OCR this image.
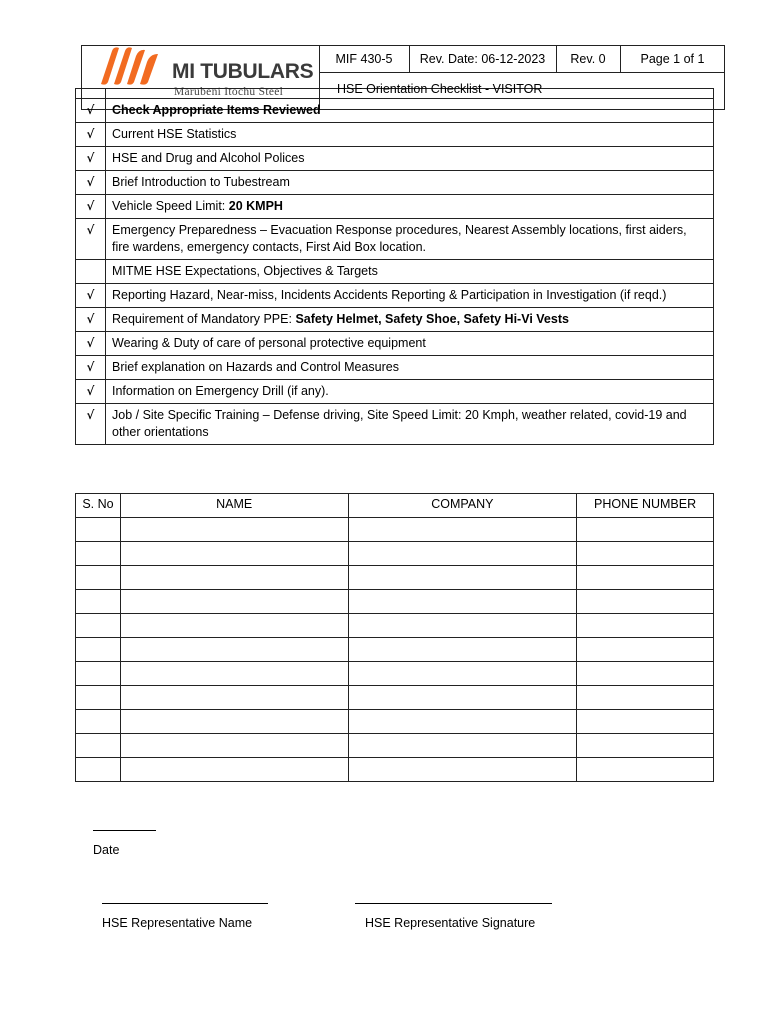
MI TUBULARS
Marubeni Itochu Steel
MIF 430-5	Rev. Date: 06-12-2023	Rev. 0	Page 1 of 1

√	Check Appropriate Items Reviewed
√	Current HSE Statistics
√	HSE and Drug and Alcohol Polices
√	Brief Introduction to Tubestream
√	Vehicle Speed Limit: 20 KMPH
√	Emergency Preparedness – Evacuation Response procedures, Nearest Assembly locations, first aiders, fire wardens, emergency contacts, First Aid Box location.
	MITME HSE Expectations, Objectives & Targets
√	Reporting Hazard, Near-miss, Incidents Accidents Reporting & Participation in Investigation (if reqd.)
√	Requirement of Mandatory PPE: Safety Helmet, Safety Shoe, Safety Hi-Vi Vests
√	Wearing & Duty of care of personal protective equipment
√	Brief explanation on Hazards and Control Measures
√	Information on Emergency Drill (if any).
√	Job / Site Specific Training – Defense driving, Site Speed Limit: 20 Kmph, weather related, covid-19 and other orientations
HSE Orientation Checklist - VISITOR
S. No	NAME	COMPANY	PHONE NUMBER

Date
HSE Representative Name	HSE Representative Signature
